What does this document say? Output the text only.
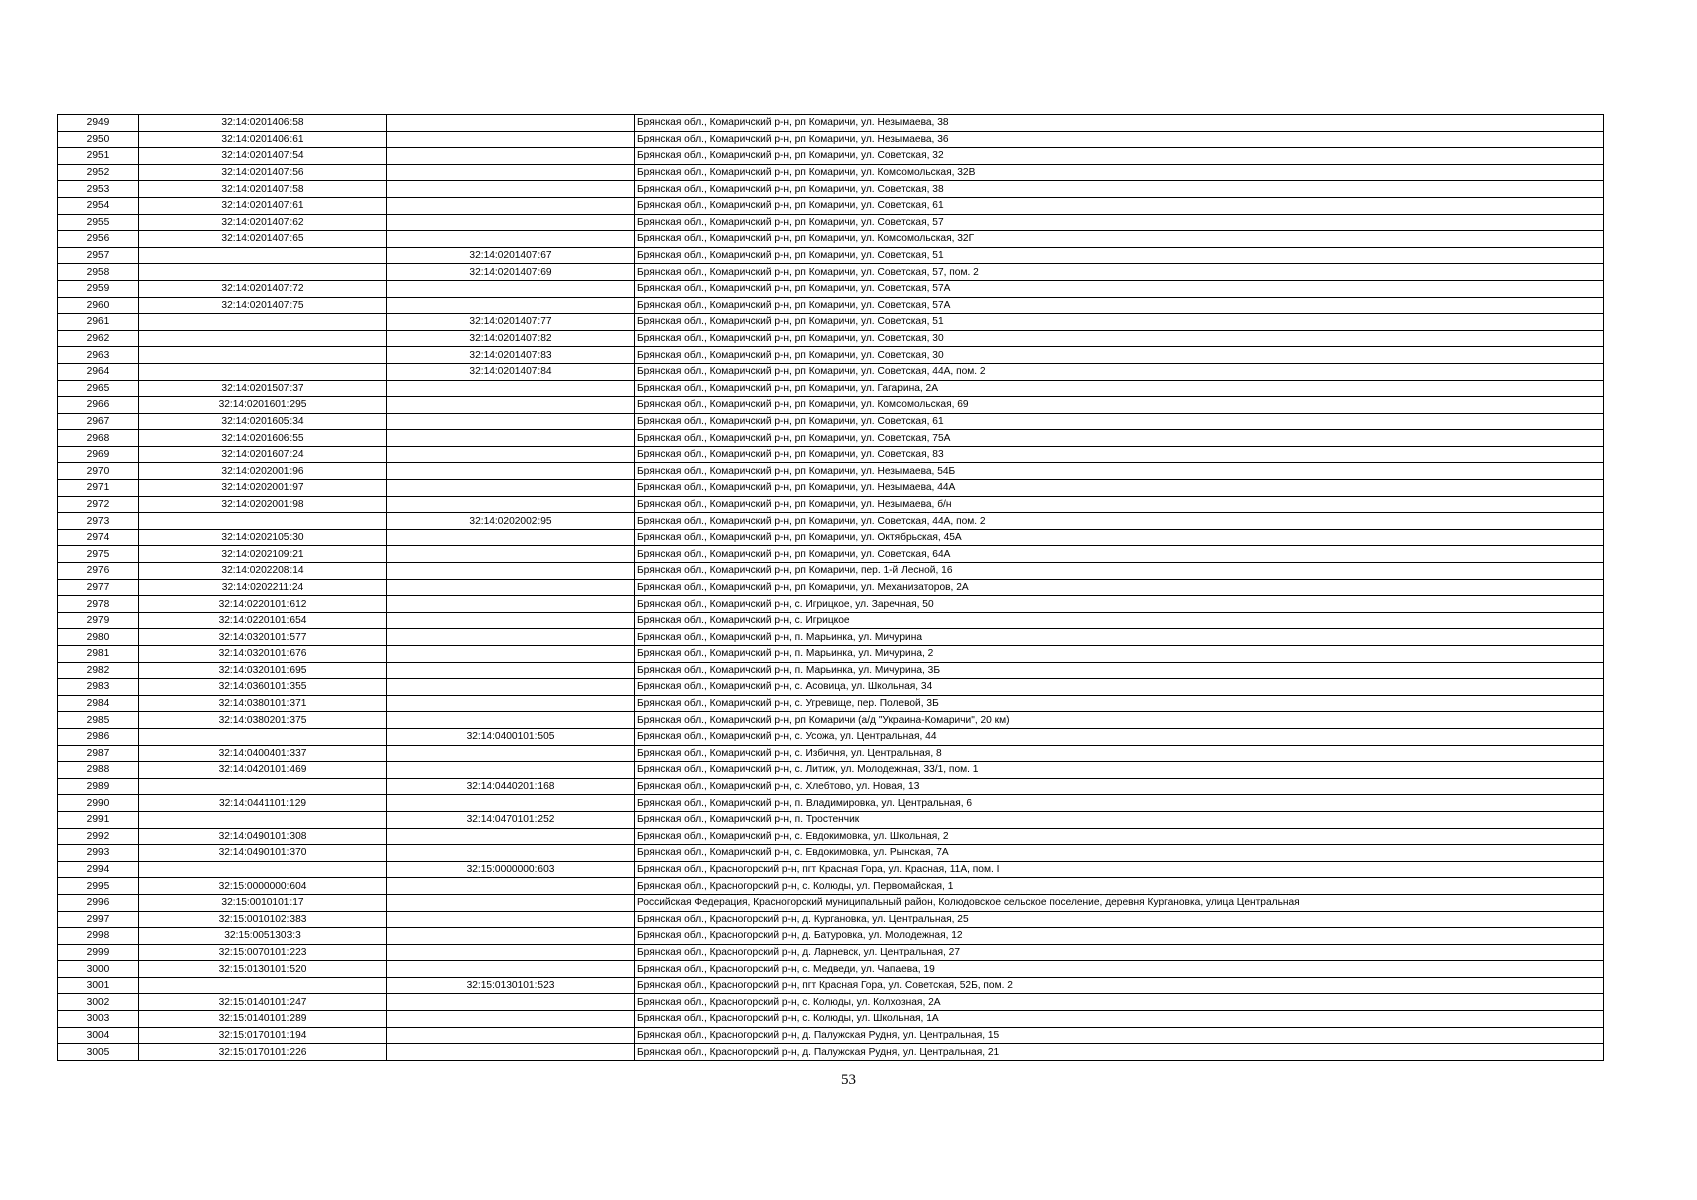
2949	32:14:0201406:58		Брянская обл., Комаричский р-н, рп Комаричи, ул. Незымаева, 38
2950	32:14:0201406:61		Брянская обл., Комаричский р-н, рп Комаричи, ул. Незымаева, 36
2951	32:14:0201407:54		Брянская обл., Комаричский р-н, рп Комаричи, ул. Советская, 32
2952	32:14:0201407:56		Брянская обл., Комаричский р-н, рп Комаричи, ул. Комсомольская, 32В
2953	32:14:0201407:58		Брянская обл., Комаричский р-н, рп Комаричи, ул. Советская, 38
2954	32:14:0201407:61		Брянская обл., Комаричский р-н, рп Комаричи, ул. Советская, 61
2955	32:14:0201407:62		Брянская обл., Комаричский р-н, рп Комаричи, ул. Советская, 57
2956	32:14:0201407:65		Брянская обл., Комаричский р-н, рп Комаричи, ул. Комсомольская, 32Г
2957		32:14:0201407:67	Брянская обл., Комаричский р-н, рп Комаричи, ул. Советская, 51
2958		32:14:0201407:69	Брянская обл., Комаричский р-н, рп Комаричи, ул. Советская, 57, пом. 2
2959	32:14:0201407:72		Брянская обл., Комаричский р-н, рп Комаричи, ул. Советская, 57А
2960	32:14:0201407:75		Брянская обл., Комаричский р-н, рп Комаричи, ул. Советская, 57А
2961		32:14:0201407:77	Брянская обл., Комаричский р-н, рп Комаричи, ул. Советская, 51
2962		32:14:0201407:82	Брянская обл., Комаричский р-н, рп Комаричи, ул. Советская, 30
2963		32:14:0201407:83	Брянская обл., Комаричский р-н, рп Комаричи, ул. Советская, 30
2964		32:14:0201407:84	Брянская обл., Комаричский р-н, рп Комаричи, ул. Советская, 44А, пом. 2
2965	32:14:0201507:37		Брянская обл., Комаричский р-н, рп Комаричи, ул. Гагарина, 2А
2966	32:14:0201601:295		Брянская обл., Комаричский р-н, рп Комаричи, ул. Комсомольская, 69
2967	32:14:0201605:34		Брянская обл., Комаричский р-н, рп Комаричи, ул. Советская, 61
2968	32:14:0201606:55		Брянская обл., Комаричский р-н, рп Комаричи, ул. Советская, 75А
2969	32:14:0201607:24		Брянская обл., Комаричский р-н, рп Комаричи, ул. Советская, 83
2970	32:14:0202001:96		Брянская обл., Комаричский р-н, рп Комаричи, ул. Незымаева, 54Б
2971	32:14:0202001:97		Брянская обл., Комаричский р-н, рп Комаричи, ул. Незымаева, 44А
2972	32:14:0202001:98		Брянская обл., Комаричский р-н, рп Комаричи, ул. Незымаева, б/н
2973		32:14:0202002:95	Брянская обл., Комаричский р-н, рп Комаричи, ул. Советская, 44А, пом. 2
2974	32:14:0202105:30		Брянская обл., Комаричский р-н, рп Комаричи, ул. Октябрьская, 45А
2975	32:14:0202109:21		Брянская обл., Комаричский р-н, рп Комаричи, ул. Советская, 64А
2976	32:14:0202208:14		Брянская обл., Комаричский р-н, рп Комаричи, пер. 1-й Лесной, 16
2977	32:14:0202211:24		Брянская обл., Комаричский р-н, рп Комаричи, ул. Механизаторов, 2А
2978	32:14:0220101:612		Брянская обл., Комаричский р-н, с. Игрицкое, ул. Заречная, 50
2979	32:14:0220101:654		Брянская обл., Комаричский р-н, с. Игрицкое
2980	32:14:0320101:577		Брянская обл., Комаричский р-н, п. Марьинка, ул. Мичурина
2981	32:14:0320101:676		Брянская обл., Комаричский р-н, п. Марьинка, ул. Мичурина, 2
2982	32:14:0320101:695		Брянская обл., Комаричский р-н, п. Марьинка, ул. Мичурина, 3Б
2983	32:14:0360101:355		Брянская обл., Комаричский р-н, с. Асовица, ул. Школьная, 34
2984	32:14:0380101:371		Брянская обл., Комаричский р-н, с. Угревище, пер. Полевой, 3Б
2985	32:14:0380201:375		Брянская обл., Комаричский р-н, рп Комаричи (а/д "Украина-Комаричи", 20 км)
2986		32:14:0400101:505	Брянская обл., Комаричский р-н, с. Усожа, ул. Центральная, 44
2987	32:14:0400401:337		Брянская обл., Комаричский р-н, с. Избичня, ул. Центральная, 8
2988	32:14:0420101:469		Брянская обл., Комаричский р-н, с. Литиж, ул. Молодежная, 33/1, пом. 1
2989		32:14:0440201:168	Брянская обл., Комаричский р-н, с. Хлебтово, ул. Новая, 13
2990	32:14:0441101:129		Брянская обл., Комаричский р-н, п. Владимировка, ул. Центральная, 6
2991		32:14:0470101:252	Брянская обл., Комаричский р-н, п. Тростенчик
2992	32:14:0490101:308		Брянская обл., Комаричский р-н, с. Евдокимовка, ул. Школьная, 2
2993	32:14:0490101:370		Брянская обл., Комаричский р-н, с. Евдокимовка, ул. Рынская, 7А
2994		32:15:0000000:603	Брянская обл., Красногорский р-н, пгт Красная Гора, ул. Красная, 11А, пом. I
2995	32:15:0000000:604		Брянская обл., Красногорский р-н, с. Колюды, ул. Первомайская, 1
2996	32:15:0010101:17		Российская Федерация, Красногорский муниципальный район, Колюдовское сельское поселение, деревня Кургановка, улица Центральная
2997	32:15:0010102:383		Брянская обл., Красногорский р-н, д. Кургановка, ул. Центральная, 25
2998	32:15:0051303:3		Брянская обл., Красногорский р-н, д. Батуровка, ул. Молодежная, 12
2999	32:15:0070101:223		Брянская обл., Красногорский р-н, д. Ларневск, ул. Центральная, 27
3000	32:15:0130101:520		Брянская обл., Красногорский р-н, с. Медведи, ул. Чапаева, 19
3001		32:15:0130101:523	Брянская обл., Красногорский р-н, пгт Красная Гора, ул. Советская, 52Б, пом. 2
3002	32:15:0140101:247		Брянская обл., Красногорский р-н, с. Колюды, ул. Колхозная, 2А
3003	32:15:0140101:289		Брянская обл., Красногорский р-н, с. Колюды, ул. Школьная, 1А
3004	32:15:0170101:194		Брянская обл., Красногорский р-н, д. Палужская Рудня, ул. Центральная, 15
3005	32:15:0170101:226		Брянская обл., Красногорский р-н, д. Палужская Рудня, ул. Центральная, 21
53
